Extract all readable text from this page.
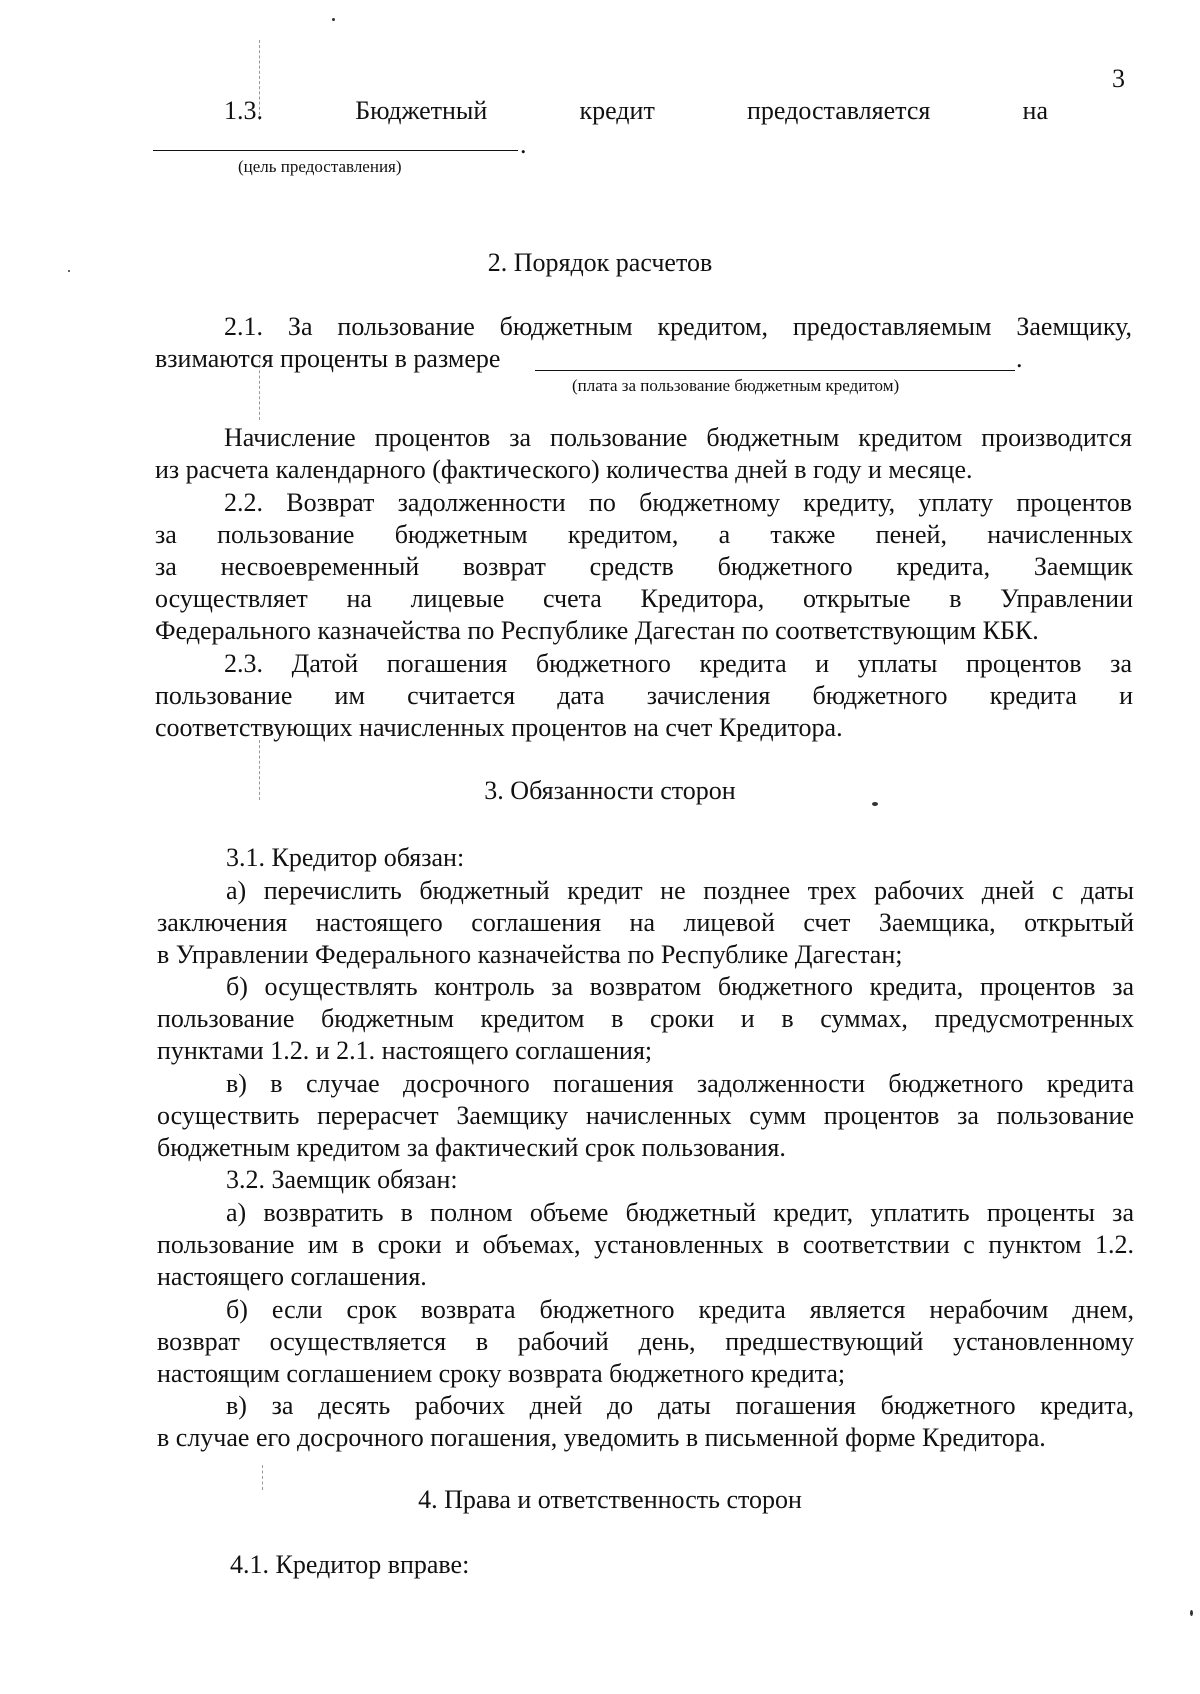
3
1.3.	Бюджетный	кредит	предоставляется	на
.
(цель предоставления)
2. Порядок расчетов
2.1. За пользование бюджетным кредитом, предоставляемым Заемщику,
взимаются проценты в размере	.
(плата за пользование бюджетным кредитом)
Начисление процентов за пользование бюджетным кредитом производится
из расчета календарного (фактического) количества дней в году и месяце.
2.2. Возврат задолженности по бюджетному кредиту, уплату процентов
за пользование бюджетным кредитом, а также пеней, начисленных
за несвоевременный возврат средств бюджетного кредита, Заемщик
осуществляет на лицевые счета Кредитора, открытые в Управлении
Федерального казначейства по Республике Дагестан по соответствующим КБК.
2.3. Датой погашения бюджетного кредита и уплаты процентов за
пользование им считается дата зачисления бюджетного кредита и
соответствующих начисленных процентов на счет Кредитора.
3. Обязанности сторон
3.1. Кредитор обязан:
а) перечислить бюджетный кредит не позднее трех рабочих дней с даты
заключения настоящего соглашения на лицевой счет Заемщика, открытый
в Управлении Федерального казначейства по Республике Дагестан;
б) осуществлять контроль за возвратом бюджетного кредита, процентов за
пользование бюджетным кредитом в сроки и в суммах, предусмотренных
пунктами 1.2. и 2.1. настоящего соглашения;
в) в случае досрочного погашения задолженности бюджетного кредита
осуществить перерасчет Заемщику начисленных сумм процентов за пользование
бюджетным кредитом за фактический срок пользования.
3.2. Заемщик обязан:
а) возвратить в полном объеме бюджетный кредит, уплатить проценты за
пользование им в сроки и объемах, установленных в соответствии с пунктом 1.2.
настоящего соглашения.
б) если срок возврата бюджетного кредита является нерабочим днем,
возврат осуществляется в рабочий день, предшествующий установленному
настоящим соглашением сроку возврата бюджетного кредита;
в) за десять рабочих дней до даты погашения бюджетного кредита,
в случае его досрочного погашения, уведомить в письменной форме Кредитора.
4. Права и ответственность сторон
4.1. Кредитор вправе:
